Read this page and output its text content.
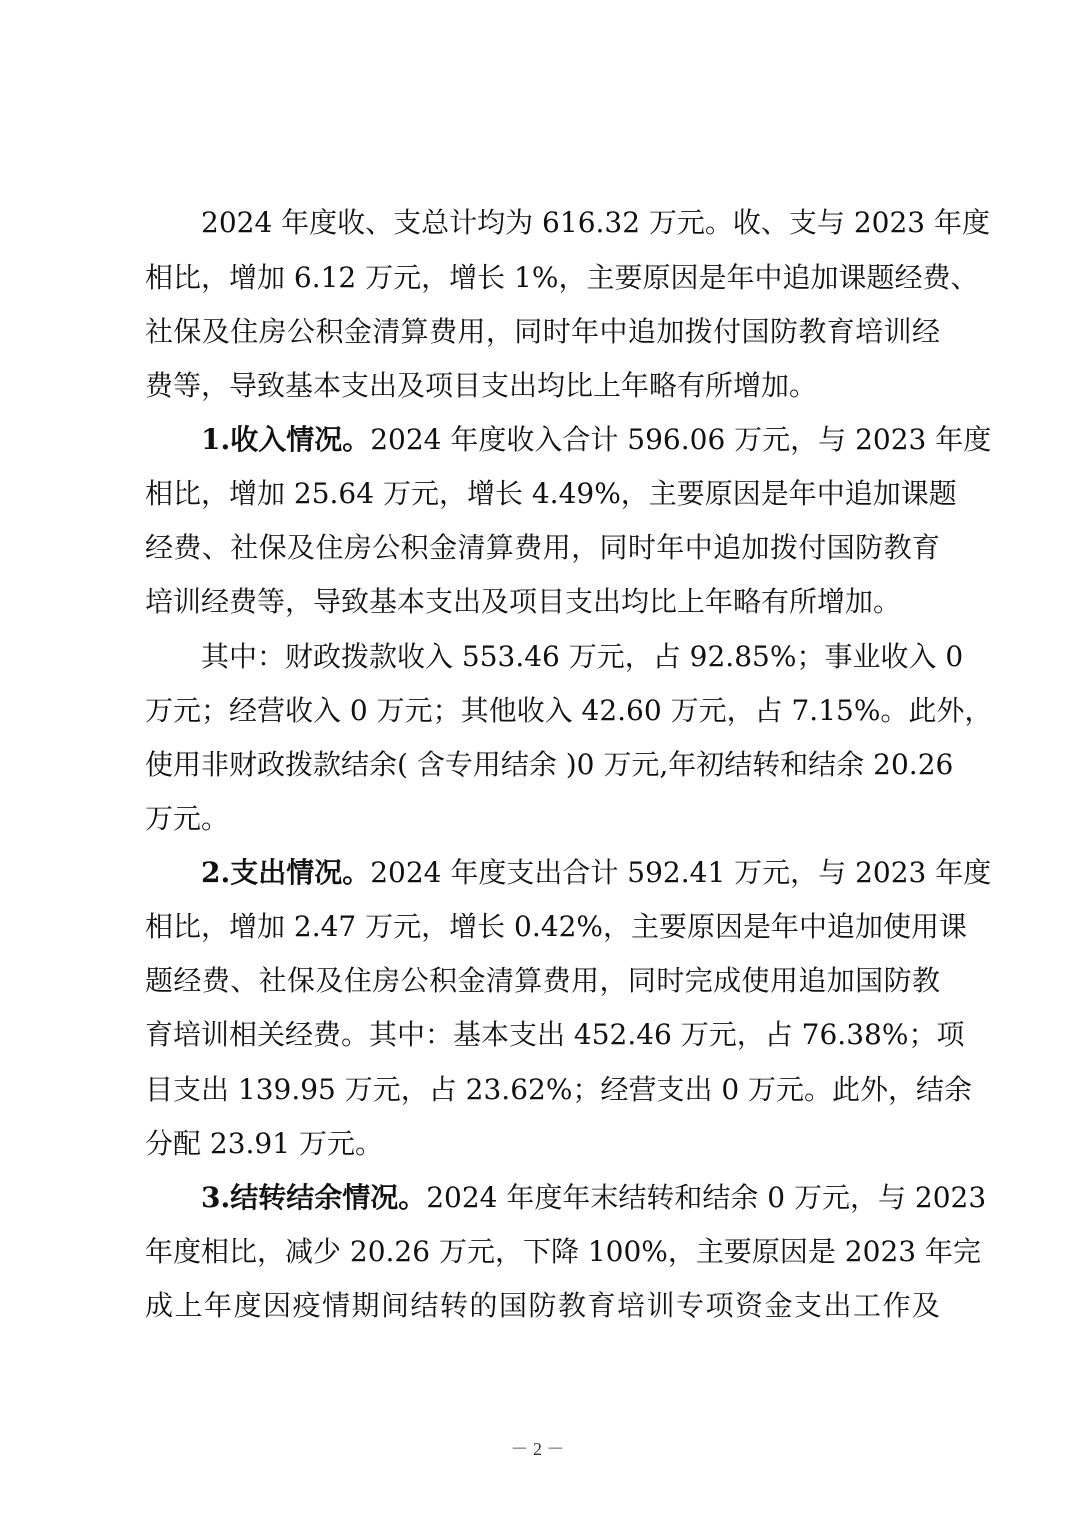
2024 年度收、支总计均为 616.32 万元。收、支与 2023 年度
相比，增加 6.12 万元，增长 1%，主要原因是年中追加课题经费、
社保及住房公积金清算费用，同时年中追加拨付国防教育培训经
费等，导致基本支出及项目支出均比上年略有所增加。
1.收入情况。2024 年度收入合计 596.06 万元，与 2023 年度
相比，增加 25.64 万元，增长 4.49%，主要原因是年中追加课题
经费、社保及住房公积金清算费用，同时年中追加拨付国防教育
培训经费等，导致基本支出及项目支出均比上年略有所增加。
其中：财政拨款收入 553.46 万元，占 92.85%；事业收入 0
万元；经营收入 0 万元；其他收入 42.60 万元，占 7.15%。此外，
使用非财政拨款结余( 含专用结余 )0 万元,年初结转和结余 20.26
万元。
2.支出情况。2024 年度支出合计 592.41 万元，与 2023 年度
相比，增加 2.47 万元，增长 0.42%，主要原因是年中追加使用课
题经费、社保及住房公积金清算费用，同时完成使用追加国防教
育培训相关经费。其中：基本支出 452.46 万元，占 76.38%；项
目支出 139.95 万元，占 23.62%；经营支出 0 万元。此外，结余
分配 23.91 万元。
3.结转结余情况。2024 年度年末结转和结余 0 万元，与 2023
年度相比，减少 20.26 万元，下降 100%，主要原因是 2023 年完
成上年度因疫情期间结转的国防教育培训专项资金支出工作及
－ 2 －
